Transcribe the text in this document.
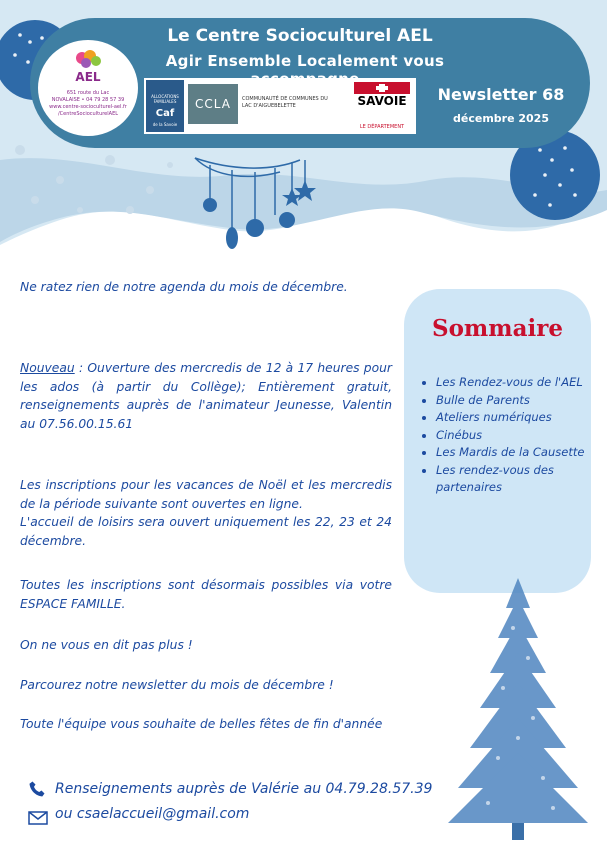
Le Centre Socioculturel AEL
Agir Ensemble Localement vous
AEL
651 route du Lac
NOVALAISE • 04 79 28 57 39
www.centre-socioculturel-ael.fr
/CentreSocioculturelAEL
ALLOCATIONS
FAMILIALES
Caf
de la Savoie
CCLA	COMMUNAUTÉ DE COMMUNES DU
LAC D'AIGUEBELETTE	SAVOIE
LE DÉPARTEMENT
Newsletter 68
décembre 2025
Ne ratez rien de notre agenda du mois de décembre.
Nouveau : Ouverture des mercredis de 12 à 17 heures pour les ados (à partir du Collège); Entièrement gratuit, renseignements auprès de l'animateur Jeunesse, Valentin au 07.56.00.15.61
Les inscriptions pour les vacances de Noël et les mercredis de la période suivante sont ouvertes en ligne.
L'accueil de loisirs sera ouvert uniquement les 22, 23 et 24 décembre.
Toutes les inscriptions sont désormais possibles via votre ESPACE FAMILLE.
On ne vous en dit pas plus !
Parcourez notre newsletter du mois de décembre !
Toute l'équipe vous souhaite de belles fêtes de fin d'année
Sommaire
• Les Rendez-vous de l'AEL
• Bulle de Parents
• Ateliers numériques
• Cinébus
• Les Mardis de la Causette
• Les rendez-vous des partenaires
Renseignements auprès de Valérie au 04.79.28.57.39
ou csaelaccueil@gmail.com
